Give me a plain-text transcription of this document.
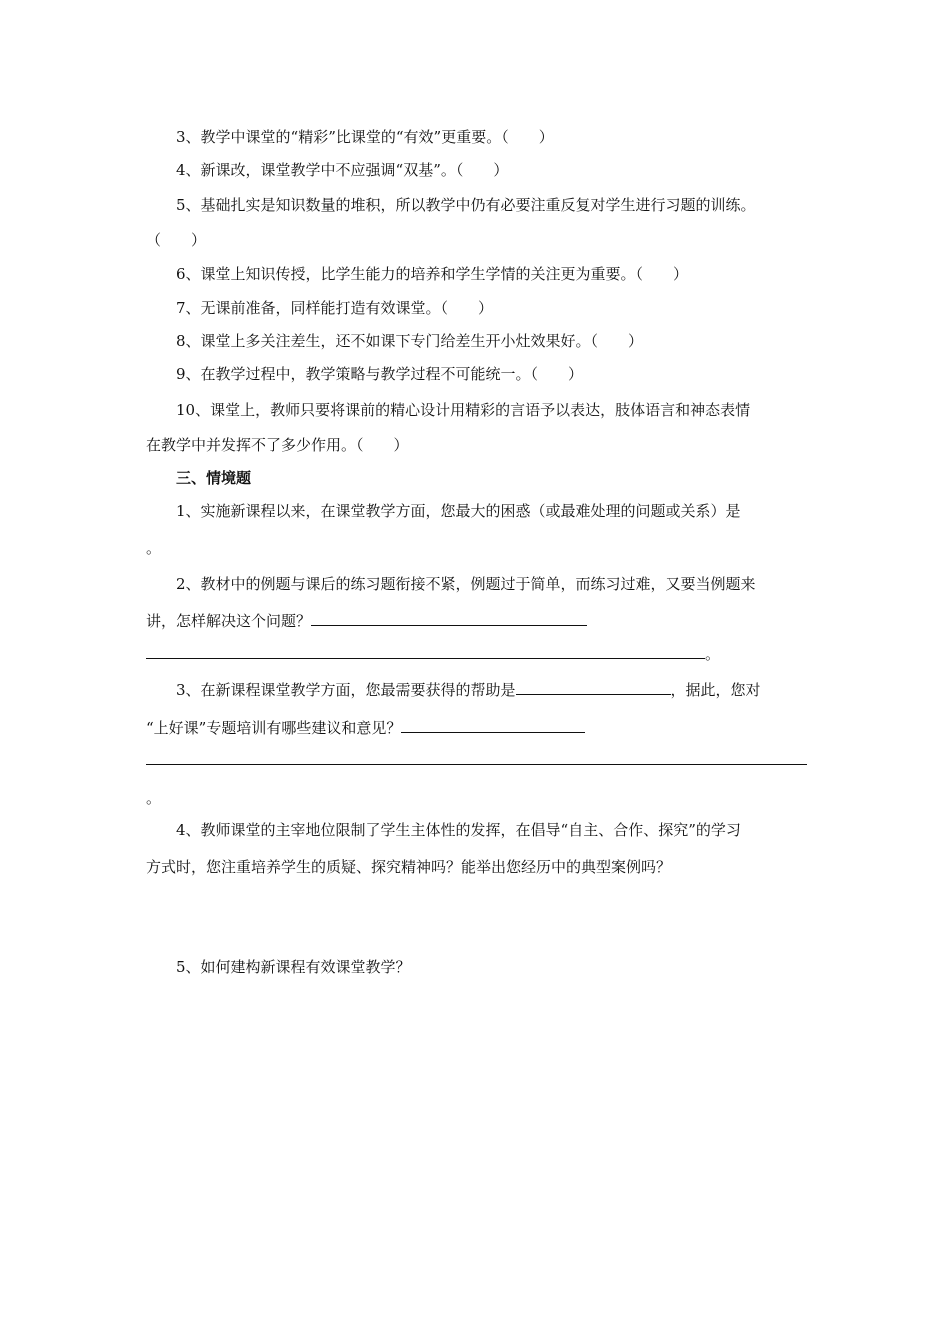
3、教学中课堂的“精彩”比课堂的“有效”更重要。（　　）
4、新课改，课堂教学中不应强调“双基”。（　　）
5、基础扎实是知识数量的堆积，所以教学中仍有必要注重反复对学生进行习题的训练。
（　　）
6、课堂上知识传授，比学生能力的培养和学生学情的关注更为重要。（　　）
7、无课前准备，同样能打造有效课堂。（　　）
8、课堂上多关注差生，还不如课下专门给差生开小灶效果好。（　　）
9、在教学过程中，教学策略与教学过程不可能统一。（　　）
10、课堂上，教师只要将课前的精心设计用精彩的言语予以表达，肢体语言和神态表情
在教学中并发挥不了多少作用。（　　）
三、情境题
1、实施新课程以来，在课堂教学方面，您最大的困惑（或最难处理的问题或关系）是
。
2、教材中的例题与课后的练习题衔接不紧，例题过于简单，而练习过难，又要当例题来
讲，怎样解决这个问题？
。
3、在新课程课堂教学方面，您最需要获得的帮助是	，据此，您对
“上好课”专题培训有哪些建议和意见？
。
4、教师课堂的主宰地位限制了学生主体性的发挥，在倡导“自主、合作、探究”的学习
方式时，您注重培养学生的质疑、探究精神吗？能举出您经历中的典型案例吗？
5、如何建构新课程有效课堂教学？
